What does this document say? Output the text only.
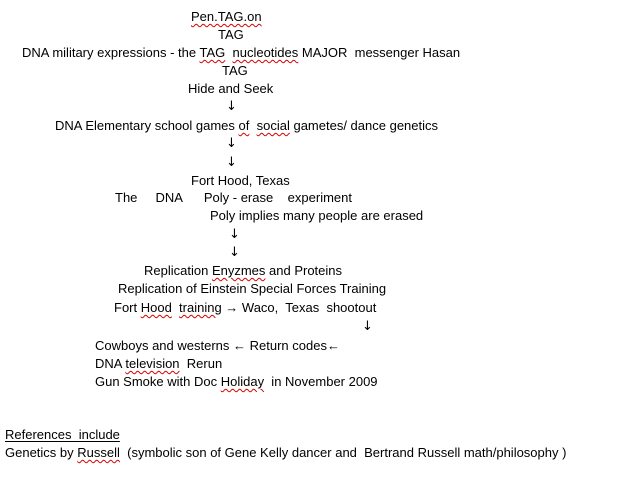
Pen.TAG.on
TAG
DNA military expressions - the TAG nucleotides MAJOR  messenger Hasan
TAG
Hide and Seek
↓
DNA Elementary school games of social gametes/ dance genetics
↓
↓
Fort Hood, Texas
The     DNA      Poly - erase    experiment
Poly implies many people are erased
↓
↓
Replication Enyzmes and Proteins
Replication of Einstein Special Forces Training
Fort Hood training → Waco,  Texas  shootout
↓
Cowboys and westerns ← Return codes←
DNA television  Rerun
Gun Smoke with Doc Holiday  in November 2009
References  include
Genetics by Russell  (symbolic son of Gene Kelly dancer and  Bertrand Russell math/philosophy )
